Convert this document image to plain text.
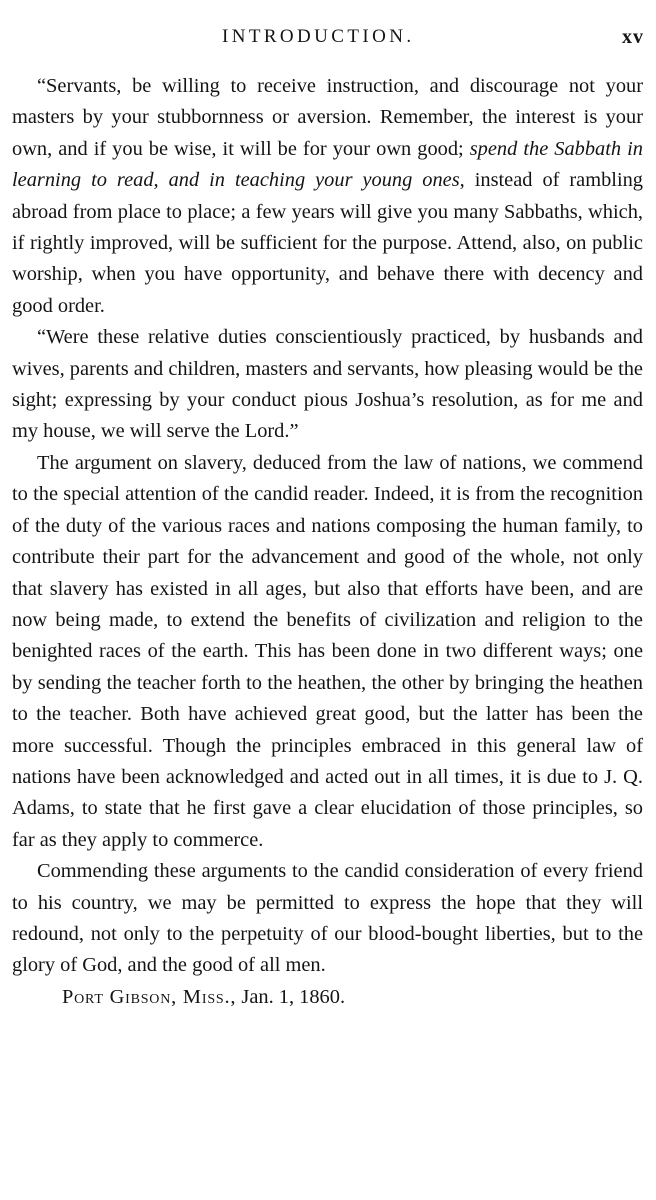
INTRODUCTION.	xv

“Servants, be willing to receive instruction, and discourage not your masters by your stubbornness or aversion. Remember, the interest is your own, and if you be wise, it will be for your own good; spend the Sabbath in learning to read, and in teaching your young ones, instead of rambling abroad from place to place; a few years will give you many Sabbaths, which, if rightly improved, will be sufficient for the purpose. Attend, also, on public worship, when you have opportunity, and behave there with decency and good order.

“Were these relative duties conscientiously practiced, by husbands and wives, parents and children, masters and servants, how pleasing would be the sight; expressing by your conduct pious Joshua’s resolution, as for me and my house, we will serve the Lord.”

The argument on slavery, deduced from the law of nations, we commend to the special attention of the candid reader. Indeed, it is from the recognition of the duty of the various races and nations composing the human family, to contribute their part for the advancement and good of the whole, not only that slavery has existed in all ages, but also that efforts have been, and are now being made, to extend the benefits of civilization and religion to the benighted races of the earth. This has been done in two different ways; one by sending the teacher forth to the heathen, the other by bringing the heathen to the teacher. Both have achieved great good, but the latter has been the more successful. Though the principles embraced in this general law of nations have been acknowledged and acted out in all times, it is due to J. Q. Adams, to state that he first gave a clear elucidation of those principles, so far as they apply to commerce.

Commending these arguments to the candid consideration of every friend to his country, we may be permitted to express the hope that they will redound, not only to the perpetuity of our blood-bought liberties, but to the glory of God, and the good of all men.

Port Gibson, Miss., Jan. 1, 1860.
